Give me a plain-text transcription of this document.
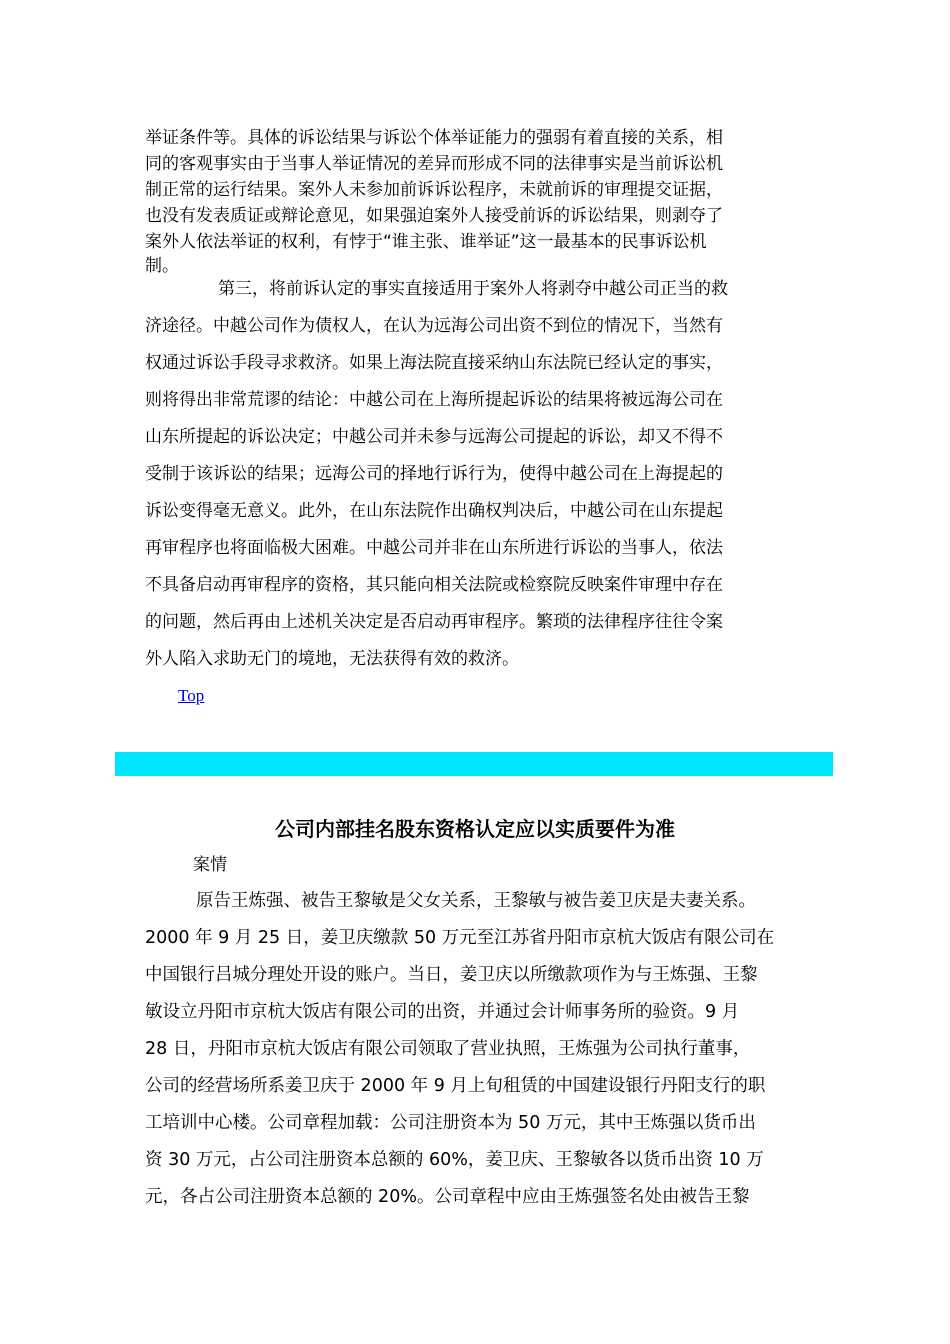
举证条件等。具体的诉讼结果与诉讼个体举证能力的强弱有着直接的关系，相
同的客观事实由于当事人举证情况的差异而形成不同的法律事实是当前诉讼机
制正常的运行结果。案外人未参加前诉诉讼程序，未就前诉的审理提交证据，
也没有发表质证或辩论意见，如果强迫案外人接受前诉的诉讼结果，则剥夺了
案外人依法举证的权利，有悖于“谁主张、谁举证”这一最基本的民事诉讼机
制。
第三，将前诉认定的事实直接适用于案外人将剥夺中越公司正当的救
济途径。中越公司作为债权人，在认为远海公司出资不到位的情况下，当然有
权通过诉讼手段寻求救济。如果上海法院直接采纳山东法院已经认定的事实，
则将得出非常荒谬的结论：中越公司在上海所提起诉讼的结果将被远海公司在
山东所提起的诉讼决定；中越公司并未参与远海公司提起的诉讼，却又不得不
受制于该诉讼的结果；远海公司的择地行诉行为，使得中越公司在上海提起的
诉讼变得毫无意义。此外，在山东法院作出确权判决后，中越公司在山东提起
再审程序也将面临极大困难。中越公司并非在山东所进行诉讼的当事人，依法
不具备启动再审程序的资格，其只能向相关法院或检察院反映案件审理中存在
的问题，然后再由上述机关决定是否启动再审程序。繁琐的法律程序往往令案
外人陷入求助无门的境地，无法获得有效的救济。
Top
公司内部挂名股东资格认定应以实质要件为准
案情
原告王炼强、被告王黎敏是父女关系，王黎敏与被告姜卫庆是夫妻关系。
2000 年 9 月 25 日，姜卫庆缴款 50 万元至江苏省丹阳市京杭大饭店有限公司在
中国银行吕城分理处开设的账户。当日，姜卫庆以所缴款项作为与王炼强、王黎
敏设立丹阳市京杭大饭店有限公司的出资，并通过会计师事务所的验资。9 月
28 日，丹阳市京杭大饭店有限公司领取了营业执照，王炼强为公司执行董事，
公司的经营场所系姜卫庆于 2000 年 9 月上旬租赁的中国建设银行丹阳支行的职
工培训中心楼。公司章程加载：公司注册资本为 50 万元，其中王炼强以货币出
资 30 万元，占公司注册资本总额的 60%，姜卫庆、王黎敏各以货币出资 10 万
元，各占公司注册资本总额的 20%。公司章程中应由王炼强签名处由被告王黎
